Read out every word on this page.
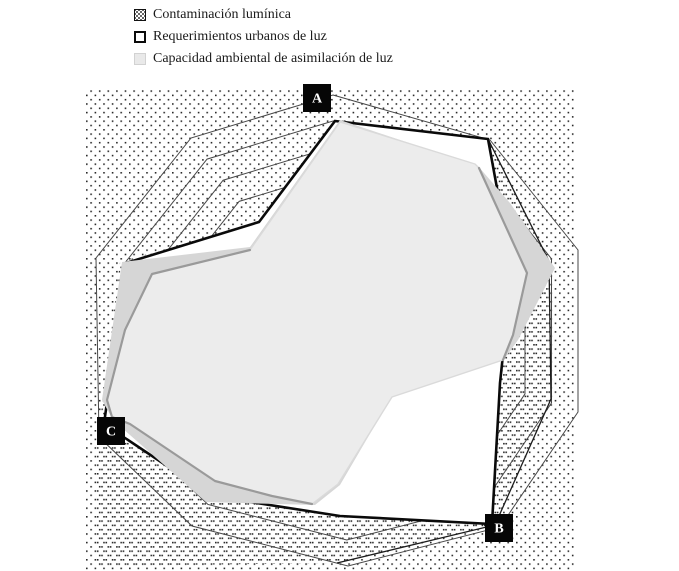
Contaminación lumínica
Requerimientos urbanos de luz
Capacidad ambiental de asimilación de luz
A
B
C
